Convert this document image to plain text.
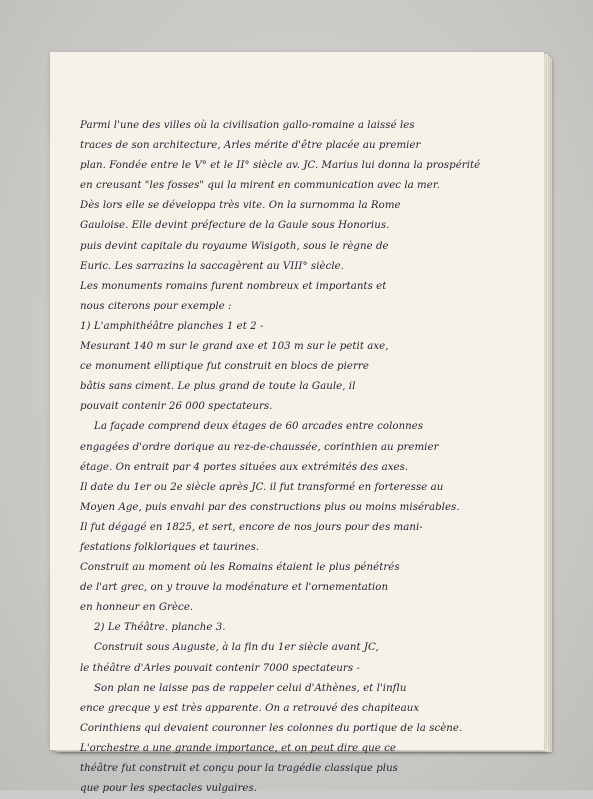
Parmi l'une des villes où la civilisation gallo-romaine a laissé les
traces de son architecture, Arles mérite d'être placée au premier
plan. Fondée entre le V° et le II° siècle av. JC. Marius lui donna la prospérité
en creusant "les fosses" qui la mirent en communication avec la mer.
Dès lors elle se développa très vite. On la surnomma la Rome
Gauloise. Elle devint préfecture de la Gaule sous Honorius.
puis devint capitale du royaume Wisigoth, sous le règne de
Euric. Les sarrazins la saccagèrent au VIII° siècle.
Les monuments romains furent nombreux et importants et
nous citerons pour exemple :
1) L'amphithéâtre planches 1 et 2 -
Mesurant 140 m sur le grand axe et 103 m sur le petit axe,
ce monument elliptique fut construit en blocs de pierre
bâtis sans ciment. Le plus grand de toute la Gaule, il
pouvait contenir 26 000 spectateurs.
La façade comprend deux étages de 60 arcades entre colonnes
engagées d'ordre dorique au rez-de-chaussée, corinthien au premier
étage. On entrait par 4 portes situées aux extrémités des axes.
Il date du 1er ou 2e siècle après JC. il fut transformé en forteresse au
Moyen Age, puis envahi par des constructions plus ou moins misérables.
Il fut dégagé en 1825, et sert, encore de nos jours pour des mani-
festations folkloriques et taurines.
Construit au moment où les Romains étaient le plus pénétrés
de l'art grec, on y trouve la modénature et l'ornementation
en honneur en Grèce.
2) Le Théâtre. planche 3.
Construit sous Auguste, à la fin du 1er siècle avant JC,
le théâtre d'Arles pouvait contenir 7000 spectateurs -
Son plan ne laisse pas de rappeler celui d'Athènes, et l'influ
ence grecque y est très apparente. On a retrouvé des chapiteaux
Corinthiens qui devaient couronner les colonnes du portique de la scène.
L'orchestre a une grande importance, et on peut dire que ce
théâtre fut construit et conçu pour la tragédie classique plus
que pour les spectacles vulgaires.
